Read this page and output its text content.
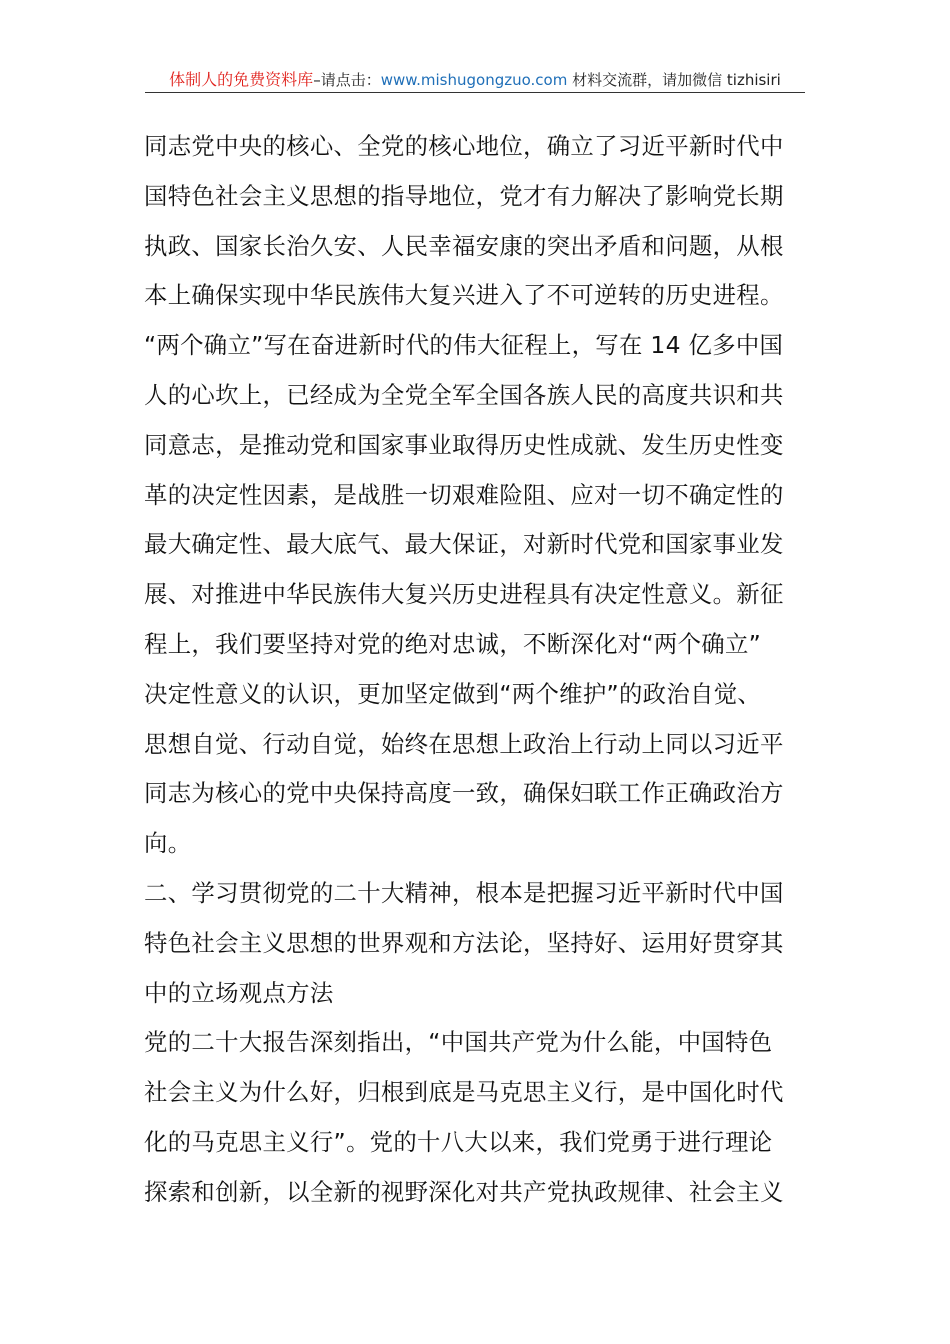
体制人的免费资料库–请点击：www.mishugongzuo.com 材料交流群，请加微信 tizhisiri
同志党中央的核心、全党的核心地位，确立了习近平新时代中
国特色社会主义思想的指导地位，党才有力解决了影响党长期
执政、国家长治久安、人民幸福安康的突出矛盾和问题，从根
本上确保实现中华民族伟大复兴进入了不可逆转的历史进程。
“两个确立”写在奋进新时代的伟大征程上，写在 14 亿多中国
人的心坎上，已经成为全党全军全国各族人民的高度共识和共
同意志，是推动党和国家事业取得历史性成就、发生历史性变
革的决定性因素，是战胜一切艰难险阻、应对一切不确定性的
最大确定性、最大底气、最大保证，对新时代党和国家事业发
展、对推进中华民族伟大复兴历史进程具有决定性意义。新征
程上，我们要坚持对党的绝对忠诚，不断深化对“两个确立”
决定性意义的认识，更加坚定做到“两个维护”的政治自觉、
思想自觉、行动自觉，始终在思想上政治上行动上同以习近平
同志为核心的党中央保持高度一致，确保妇联工作正确政治方
向。
二、学习贯彻党的二十大精神，根本是把握习近平新时代中国
特色社会主义思想的世界观和方法论，坚持好、运用好贯穿其
中的立场观点方法
党的二十大报告深刻指出，“中国共产党为什么能，中国特色
社会主义为什么好，归根到底是马克思主义行，是中国化时代
化的马克思主义行”。党的十八大以来，我们党勇于进行理论
探索和创新，以全新的视野深化对共产党执政规律、社会主义
